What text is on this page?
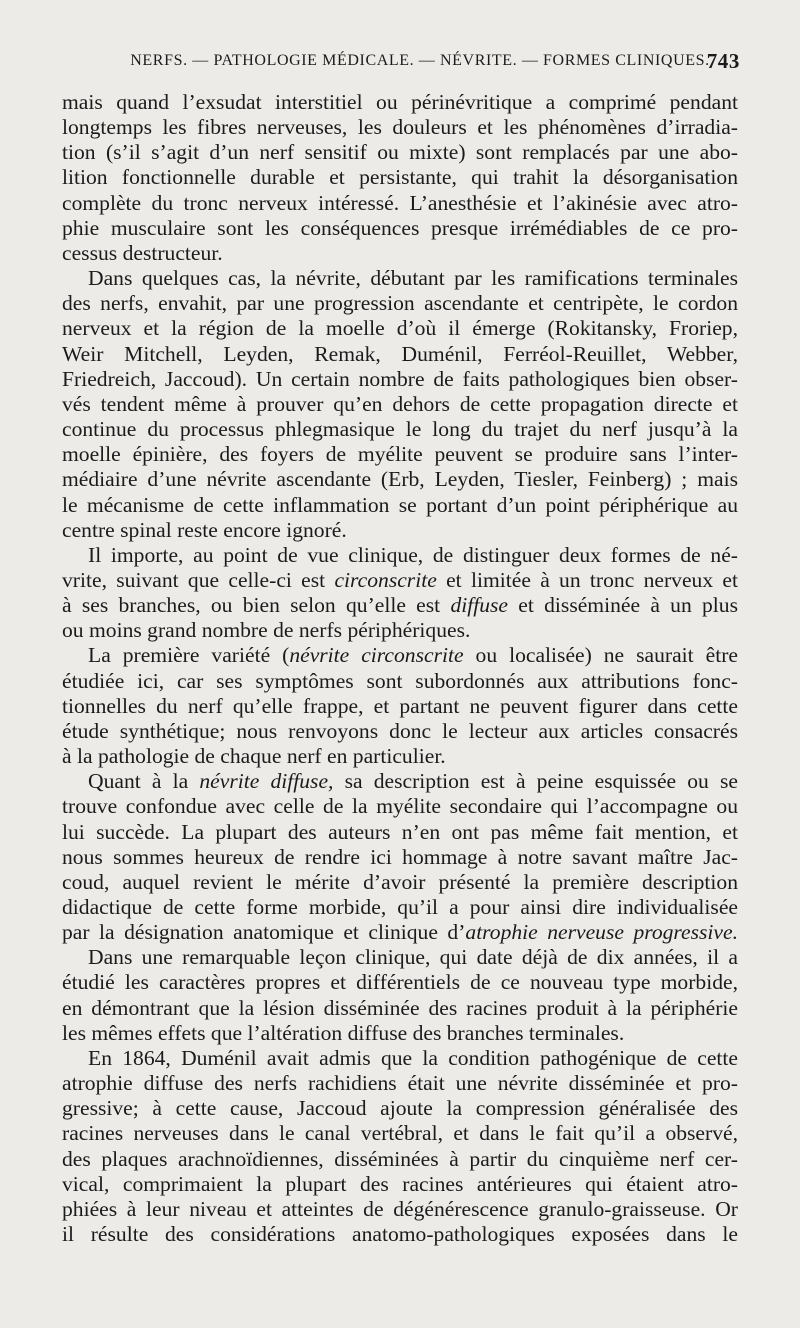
NERFS. — PATHOLOGIE MÉDICALE. — NÉVRITE. — FORMES CLINIQUES.
743
mais quand l’exsudat interstitiel ou périnévritique a comprimé pendant
longtemps les fibres nerveuses, les douleurs et les phénomènes d’irradia-
tion (s’il s’agit d’un nerf sensitif ou mixte) sont remplacés par une abo-
lition fonctionnelle durable et persistante, qui trahit la désorganisation
complète du tronc nerveux intéressé. L’anesthésie et l’akinésie avec atro-
phie musculaire sont les conséquences presque irrémédiables de ce pro-
cessus destructeur.
Dans quelques cas, la névrite, débutant par les ramifications terminales
des nerfs, envahit, par une progression ascendante et centripète, le cordon
nerveux et la région de la moelle d’où il émerge (Rokitansky, Froriep,
Weir Mitchell, Leyden, Remak, Duménil, Ferréol-Reuillet, Webber,
Friedreich, Jaccoud). Un certain nombre de faits pathologiques bien obser-
vés tendent même à prouver qu’en dehors de cette propagation directe et
continue du processus phlegmasique le long du trajet du nerf jusqu’à la
moelle épinière, des foyers de myélite peuvent se produire sans l’inter-
médiaire d’une névrite ascendante (Erb, Leyden, Tiesler, Feinberg) ; mais
le mécanisme de cette inflammation se portant d’un point périphérique au
centre spinal reste encore ignoré.
Il importe, au point de vue clinique, de distinguer deux formes de né-
vrite, suivant que celle-ci est circonscrite et limitée à un tronc nerveux et
à ses branches, ou bien selon qu’elle est diffuse et disséminée à un plus
ou moins grand nombre de nerfs périphériques.
La première variété (névrite circonscrite ou localisée) ne saurait être
étudiée ici, car ses symptômes sont subordonnés aux attributions fonc-
tionnelles du nerf qu’elle frappe, et partant ne peuvent figurer dans cette
étude synthétique; nous renvoyons donc le lecteur aux articles consacrés
à la pathologie de chaque nerf en particulier.
Quant à la névrite diffuse, sa description est à peine esquissée ou se
trouve confondue avec celle de la myélite secondaire qui l’accompagne ou
lui succède. La plupart des auteurs n’en ont pas même fait mention, et
nous sommes heureux de rendre ici hommage à notre savant maître Jac-
coud, auquel revient le mérite d’avoir présenté la première description
didactique de cette forme morbide, qu’il a pour ainsi dire individualisée
par la désignation anatomique et clinique d’atrophie nerveuse progressive.
Dans une remarquable leçon clinique, qui date déjà de dix années, il a
étudié les caractères propres et différentiels de ce nouveau type morbide,
en démontrant que la lésion disséminée des racines produit à la périphérie
les mêmes effets que l’altération diffuse des branches terminales.
En 1864, Duménil avait admis que la condition pathogénique de cette
atrophie diffuse des nerfs rachidiens était une névrite disséminée et pro-
gressive; à cette cause, Jaccoud ajoute la compression généralisée des
racines nerveuses dans le canal vertébral, et dans le fait qu’il a observé,
des plaques arachnoïdiennes, disséminées à partir du cinquième nerf cer-
vical, comprimaient la plupart des racines antérieures qui étaient atro-
phiées à leur niveau et atteintes de dégénérescence granulo-graisseuse. Or
il résulte des considérations anatomo-pathologiques exposées dans le
